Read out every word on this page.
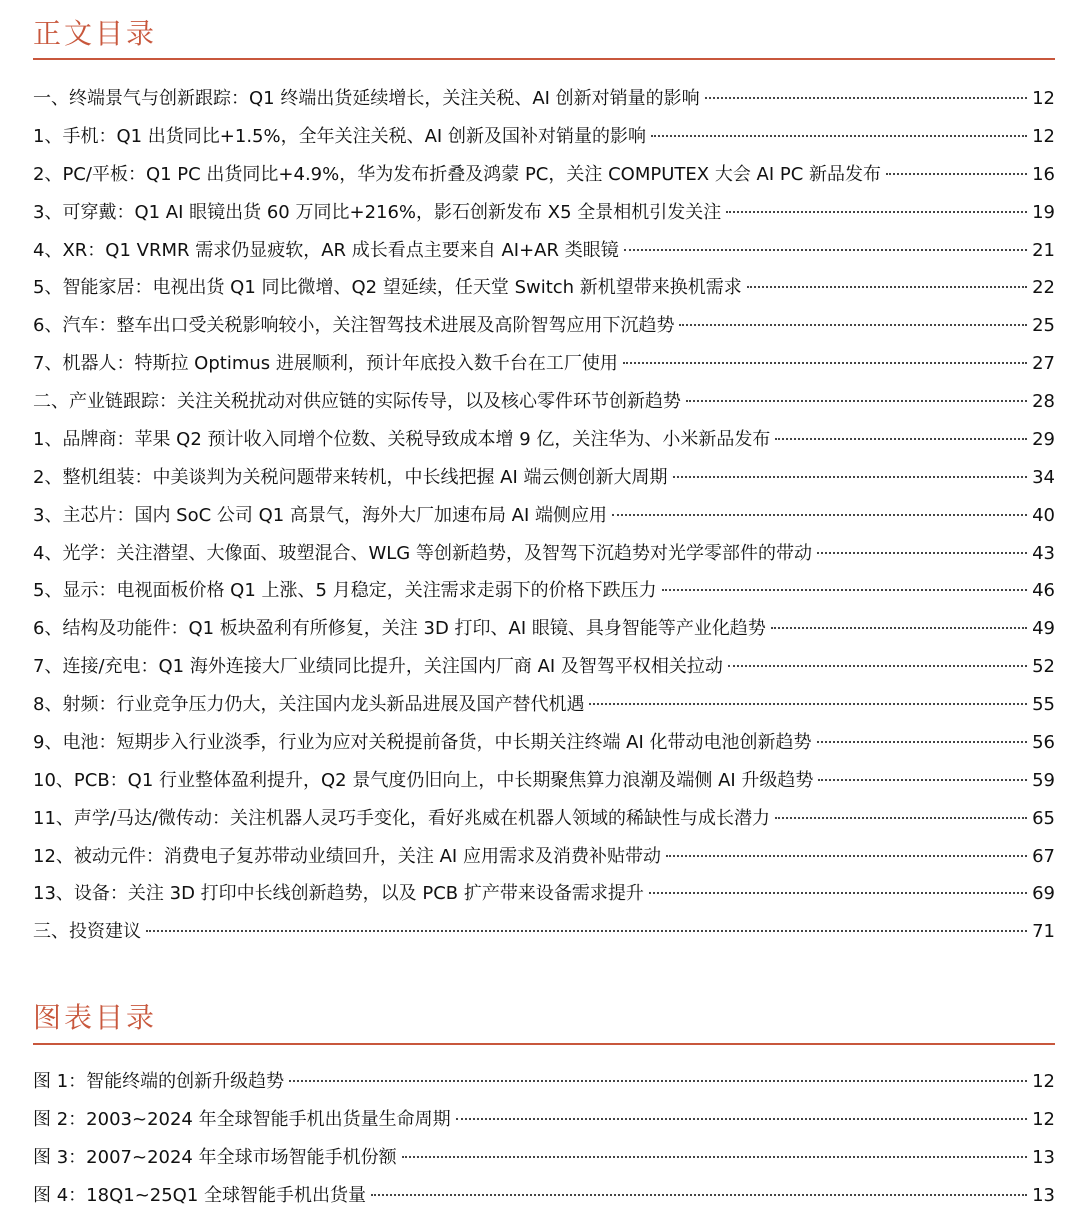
正文目录
一、终端景气与创新跟踪：Q1 终端出货延续增长，关注关税、AI 创新对销量的影响	12
1、手机：Q1 出货同比+1.5%，全年关注关税、AI 创新及国补对销量的影响	12
2、PC/平板：Q1 PC 出货同比+4.9%，华为发布折叠及鸿蒙 PC，关注 COMPUTEX 大会 AI PC 新品发布	16
3、可穿戴：Q1 AI 眼镜出货 60 万同比+216%，影石创新发布 X5 全景相机引发关注	19
4、XR：Q1 VRMR 需求仍显疲软，AR 成长看点主要来自 AI+AR 类眼镜	21
5、智能家居：电视出货 Q1 同比微增、Q2 望延续，任天堂 Switch 新机望带来换机需求	22
6、汽车：整车出口受关税影响较小，关注智驾技术进展及高阶智驾应用下沉趋势	25
7、机器人：特斯拉 Optimus 进展顺利，预计年底投入数千台在工厂使用	27
二、产业链跟踪：关注关税扰动对供应链的实际传导，以及核心零件环节创新趋势	28
1、品牌商：苹果 Q2 预计收入同增个位数、关税导致成本增 9 亿，关注华为、小米新品发布	29
2、整机组装：中美谈判为关税问题带来转机，中长线把握 AI 端云侧创新大周期	34
3、主芯片：国内 SoC 公司 Q1 高景气，海外大厂加速布局 AI 端侧应用	40
4、光学：关注潜望、大像面、玻塑混合、WLG 等创新趋势，及智驾下沉趋势对光学零部件的带动	43
5、显示：电视面板价格 Q1 上涨、5 月稳定，关注需求走弱下的价格下跌压力	46
6、结构及功能件：Q1 板块盈利有所修复，关注 3D 打印、AI 眼镜、具身智能等产业化趋势	49
7、连接/充电：Q1 海外连接大厂业绩同比提升，关注国内厂商 AI 及智驾平权相关拉动	52
8、射频：行业竞争压力仍大，关注国内龙头新品进展及国产替代机遇	55
9、电池：短期步入行业淡季，行业为应对关税提前备货，中长期关注终端 AI 化带动电池创新趋势	56
10、PCB：Q1 行业整体盈利提升，Q2 景气度仍旧向上，中长期聚焦算力浪潮及端侧 AI 升级趋势	59
11、声学/马达/微传动：关注机器人灵巧手变化，看好兆威在机器人领域的稀缺性与成长潜力	65
12、被动元件：消费电子复苏带动业绩回升，关注 AI 应用需求及消费补贴带动	67
13、设备：关注 3D 打印中长线创新趋势，以及 PCB 扩产带来设备需求提升	69
三、投资建议	71
图表目录
图 1：智能终端的创新升级趋势	12
图 2：2003~2024 年全球智能手机出货量生命周期	12
图 3：2007~2024 年全球市场智能手机份额	13
图 4：18Q1~25Q1 全球智能手机出货量	13
